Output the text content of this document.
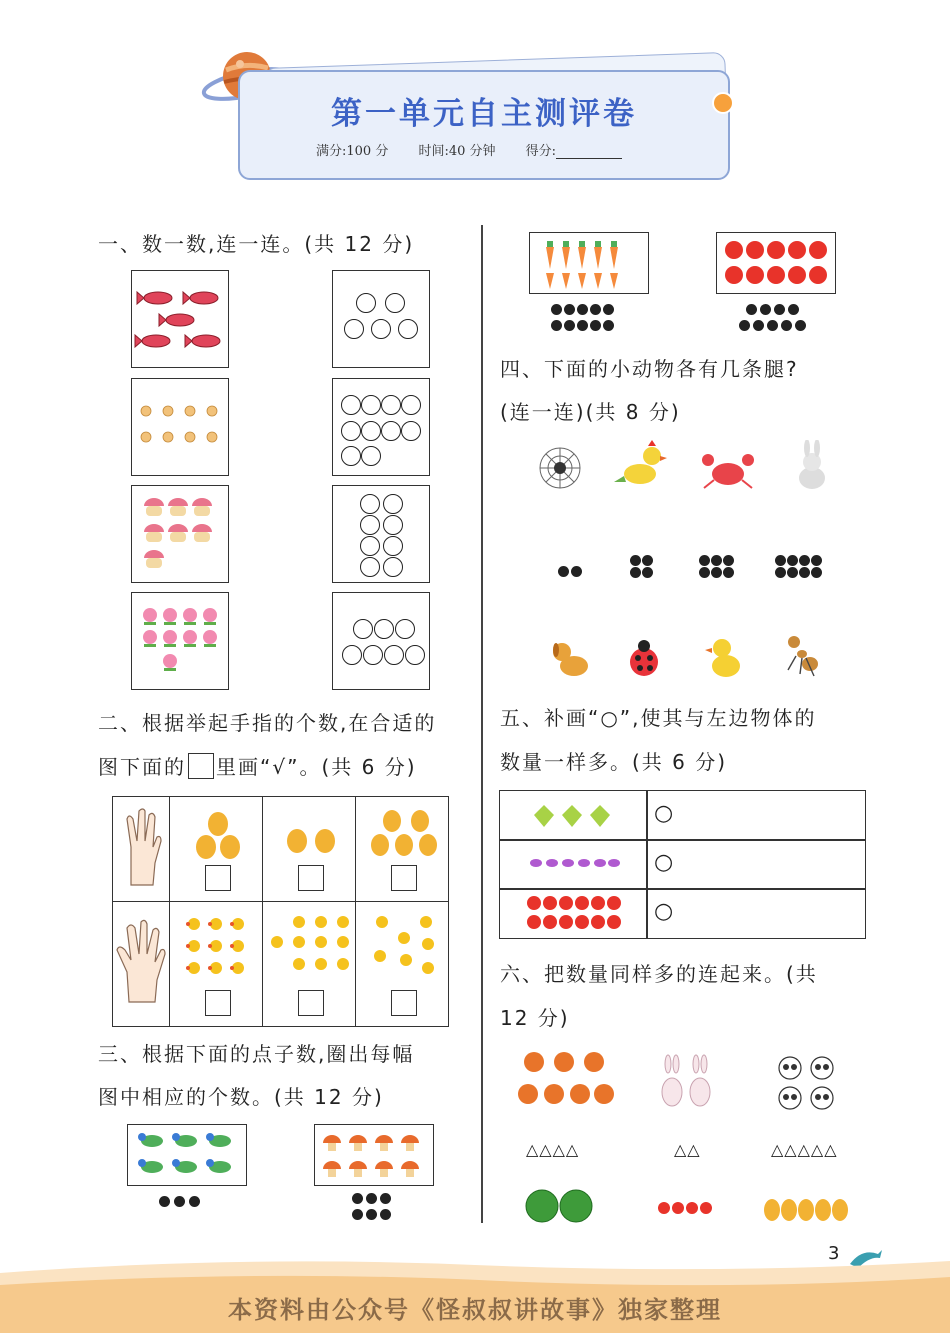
第一单元自主测评卷
满分:100 分 时间:40 分钟 得分:
一、数一数,连一连。(共 12 分)
二、根据举起手指的个数,在合适的
图下面的 里画“√”。(共 6 分)

三、根据下面的点子数,圈出每幅
图中相应的个数。(共 12 分)
四、下面的小动物各有几条腿?
(连一连)(共 8 分)
五、补画“○”,使其与左边物体的
数量一样多。(共 6 分)
○
○
○
六、把数量同样多的连起来。(共
12 分)
△△△△	△△	△△△△△
3
本资料由公众号《怪叔叔讲故事》独家整理
